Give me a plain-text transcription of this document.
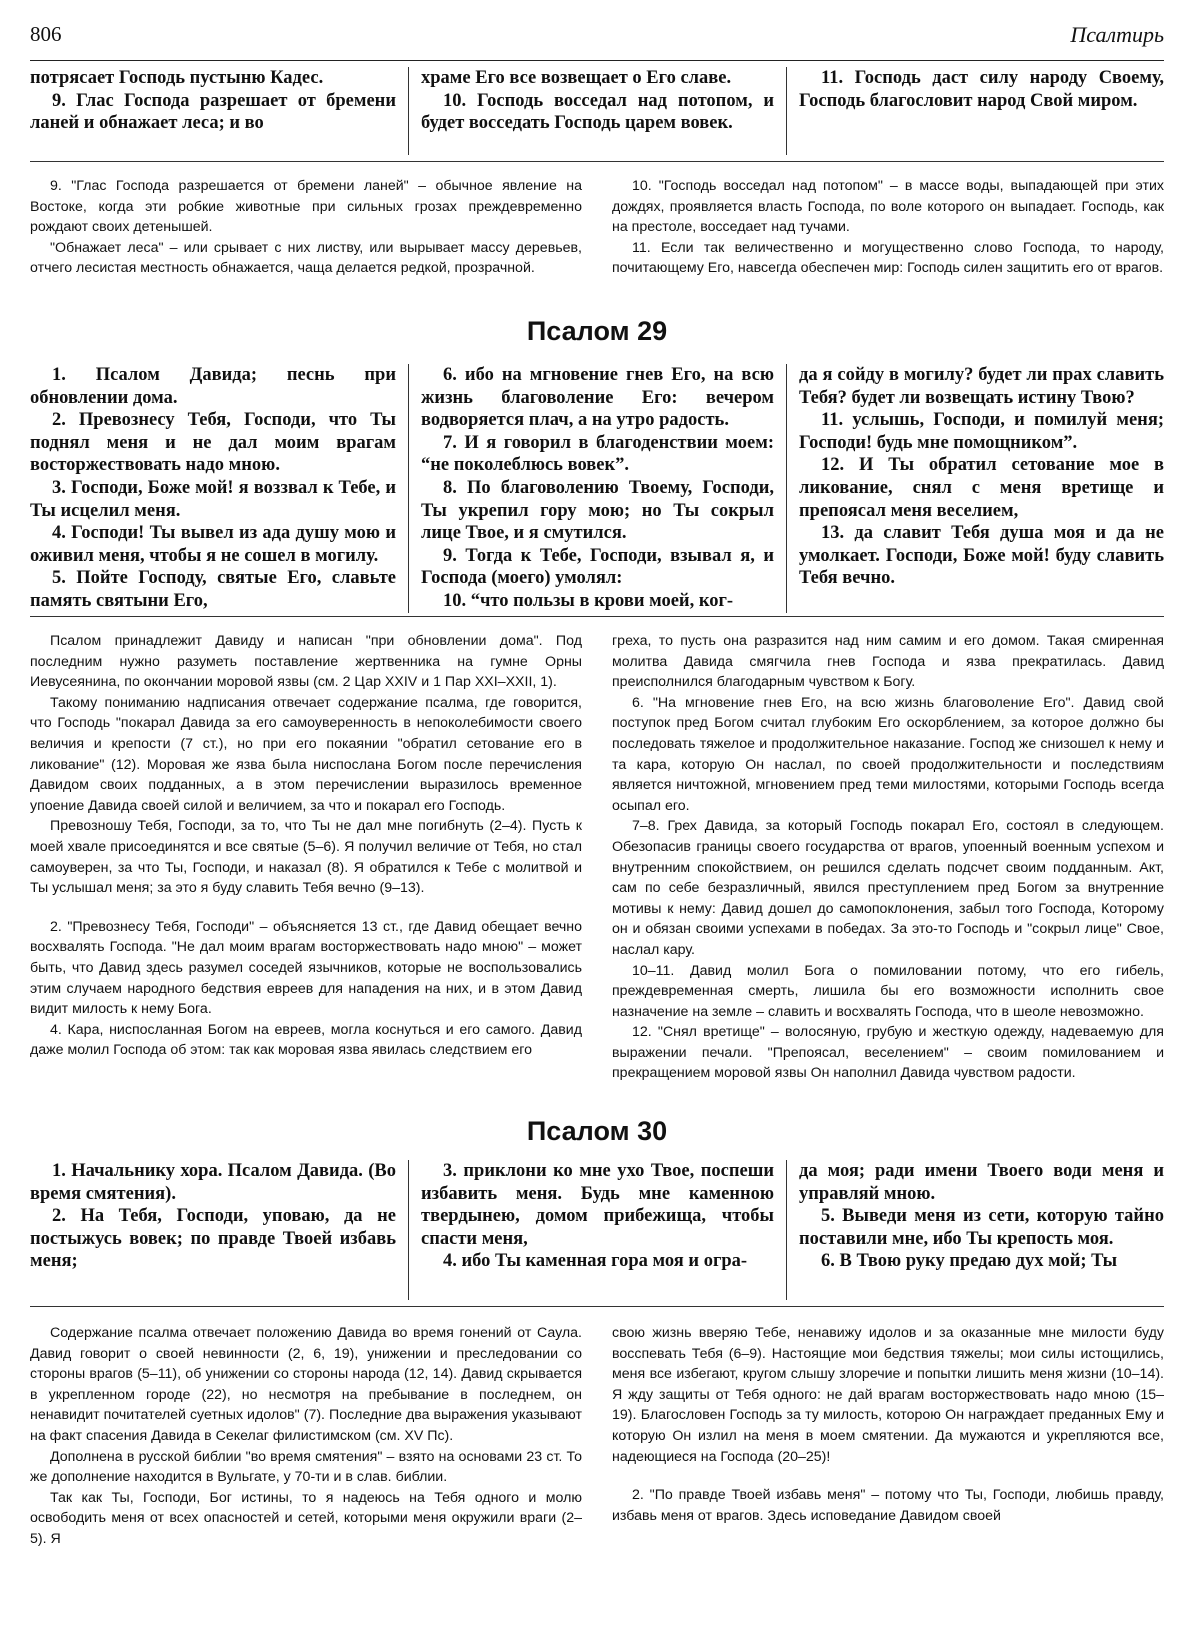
806	Псалтирь

потрясает Господь пустыню Кадес.

9. Глас Господа разрешает от бремени ланей и обнажает леса; и во

храме Его все возвещает о Его славе.

10. Господь восседал над потопом, и будет восседать Господь царем вовек.

11. Господь даст силу народу Своему, Господь благословит народ Свой миром.

9. "Глас Господа разрешается от бремени ланей" – обычное явление на Востоке, когда эти робкие животные при сильных грозах преждевременно рождают своих детенышей.

"Обнажает леса" – или срывает с них листву, или вырывает массу деревьев, отчего лесистая местность обнажается, чаща делается редкой, прозрачной.

10. "Господь восседал над потопом" – в массе воды, выпадающей при этих дождях, проявляется власть Господа, по воле которого он выпадает. Господь, как на престоле, восседает над тучами.

11. Если так величественно и могущественно слово Господа, то народу, почитающему Его, навсегда обеспечен мир: Господь силен защитить его от врагов.

Псалом 29

1. Псалом Давида; песнь при обновлении дома.

2. Превознесу Тебя, Господи, что Ты поднял меня и не дал моим врагам восторжествовать надо мною.

3. Господи, Боже мой! я воззвал к Тебе, и Ты исцелил меня.

4. Господи! Ты вывел из ада душу мою и оживил меня, чтобы я не сошел в могилу.

5. Пойте Господу, святые Его, славьте память святыни Его,

6. ибо на мгновение гнев Его, на всю жизнь благоволение Его: вечером водворяется плач, а на утро радость.

7. И я говорил в благоденствии моем: “не поколеблюсь вовек”.

8. По благоволению Твоему, Господи, Ты укрепил гору мою; но Ты сокрыл лице Твое, и я смутился.

9. Тогда к Тебе, Господи, взывал я, и Господа (моего) умолял:

10. “что пользы в крови моей, ког-

да я сойду в могилу? будет ли прах славить Тебя? будет ли возвещать истину Твою?

11. услышь, Господи, и помилуй меня; Господи! будь мне помощником”.

12. И Ты обратил сетование мое в ликование, снял с меня вретище и препоясал меня веселием,

13. да славит Тебя душа моя и да не умолкает. Господи, Боже мой! буду славить Тебя вечно.

Псалом принадлежит Давиду и написан "при обновлении дома". Под последним нужно разуметь поставление жертвенника на гумне Орны Иевусеянина, по окончании моровой язвы (см. 2 Цар XXIV и 1 Пар XXI–XXII, 1).

Такому пониманию надписания отвечает содержание псалма, где говорится, что Господь "покарал Давида за его самоуверенность в непоколебимости своего величия и крепости (7 ст.), но при его покаянии "обратил сетование его в ликование" (12). Моровая же язва была ниспослана Богом после перечисления Давидом своих подданных, а в этом перечислении выразилось временное упоение Давида своей силой и величием, за что и покарал его Господь.

Превозношу Тебя, Господи, за то, что Ты не дал мне погибнуть (2–4). Пусть к моей хвале присоединятся и все святые (5–6). Я получил величие от Тебя, но стал самоуверен, за что Ты, Господи, и наказал (8). Я обратился к Тебе с молитвой и Ты услышал меня; за это я буду славить Тебя вечно (9–13).

2. "Превознесу Тебя, Господи" – объясняется 13 ст., где Давид обещает вечно восхвалять Господа. "Не дал моим врагам восторжествовать надо мною" – может быть, что Давид здесь разумел соседей язычников, которые не воспользовались этим случаем народного бедствия евреев для нападения на них, и в этом Давид видит милость к нему Бога.

4. Кара, ниспосланная Богом на евреев, могла коснуться и его самого. Давид даже молил Господа об этом: так как моровая язва явилась следствием его

греха, то пусть она разразится над ним самим и его домом. Такая смиренная молитва Давида смягчила гнев Господа и язва прекратилась. Давид преисполнился благодарным чувством к Богу.

6. "На мгновение гнев Его, на всю жизнь благоволение Его". Давид свой поступок пред Богом считал глубоким Его оскорблением, за которое должно бы последовать тяжелое и продолжительное наказание. Господ же снизошел к нему и та кара, которую Он наслал, по своей продолжительности и последствиям является ничтожной, мгновением пред теми милостями, которыми Господь всегда осыпал его.

7–8. Грех Давида, за который Господь покарал Его, состоял в следующем. Обезопасив границы своего государства от врагов, упоенный военным успехом и внутренним спокойствием, он решился сделать подсчет своим подданным. Акт, сам по себе безразличный, явился преступлением пред Богом за внутренние мотивы к нему: Давид дошел до самопоклонения, забыл того Господа, Которому он и обязан своими успехами в победах. За это-то Господь и "сокрыл лице" Свое, наслал кару.

10–11. Давид молил Бога о помиловании потому, что его гибель, преждевременная смерть, лишила бы его возможности исполнить свое назначение на земле – славить и восхвалять Господа, что в шеоле невозможно.

12. "Снял вретище" – волосяную, грубую и жесткую одежду, надеваемую для выражении печали. "Препоясал, веселением" – своим помилованием и прекращением моровой язвы Он наполнил Давида чувством радости.

Псалом 30

1. Начальнику хора. Псалом Давида. (Во время смятения).

2. На Тебя, Господи, уповаю, да не постыжусь вовек; по правде Твоей избавь меня;

3. приклони ко мне ухо Твое, поспеши избавить меня. Будь мне каменною твердынею, домом прибежища, чтобы спасти меня,

4. ибо Ты каменная гора моя и огра-

да моя; ради имени Твоего води меня и управляй мною.

5. Выведи меня из сети, которую тайно поставили мне, ибо Ты крепость моя.

6. В Твою руку предаю дух мой; Ты

Содержание псалма отвечает положению Давида во время гонений от Саула. Давид говорит о своей невинности (2, 6, 19), унижении и преследовании со стороны врагов (5–11), об унижении со стороны народа (12, 14). Давид скрывается в укрепленном городе (22), но несмотря на пребывание в последнем, он ненавидит почитателей суетных идолов" (7). Последние два выражения указывают на факт спасения Давида в Секелаг филистимском (см. XV Пс).

Дополнена в русской библии "во время смятения" – взято на основами 23 ст. То же дополнение находится в Вульгате, у 70-ти и в слав. библии.

Так как Ты, Господи, Бог истины, то я надеюсь на Тебя одного и молю освободить меня от всех опасностей и сетей, которыми меня окружили враги (2–5). Я

свою жизнь вверяю Тебе, ненавижу идолов и за оказанные мне милости буду восспевать Тебя (6–9). Настоящие мои бедствия тяжелы; мои силы истощились, меня все избегают, кругом слышу злоречие и попытки лишить меня жизни (10–14). Я жду защиты от Тебя одного: не дай врагам восторжествовать надо мною (15–19). Благословен Господь за ту милость, которою Он награждает преданных Ему и которую Он излил на меня в моем смятении. Да мужаются и укрепляются все, надеющиеся на Господа (20–25)!

2. "По правде Твоей избавь меня" – потому что Ты, Господи, любишь правду, избавь меня от врагов. Здесь исповедание Давидом своей
